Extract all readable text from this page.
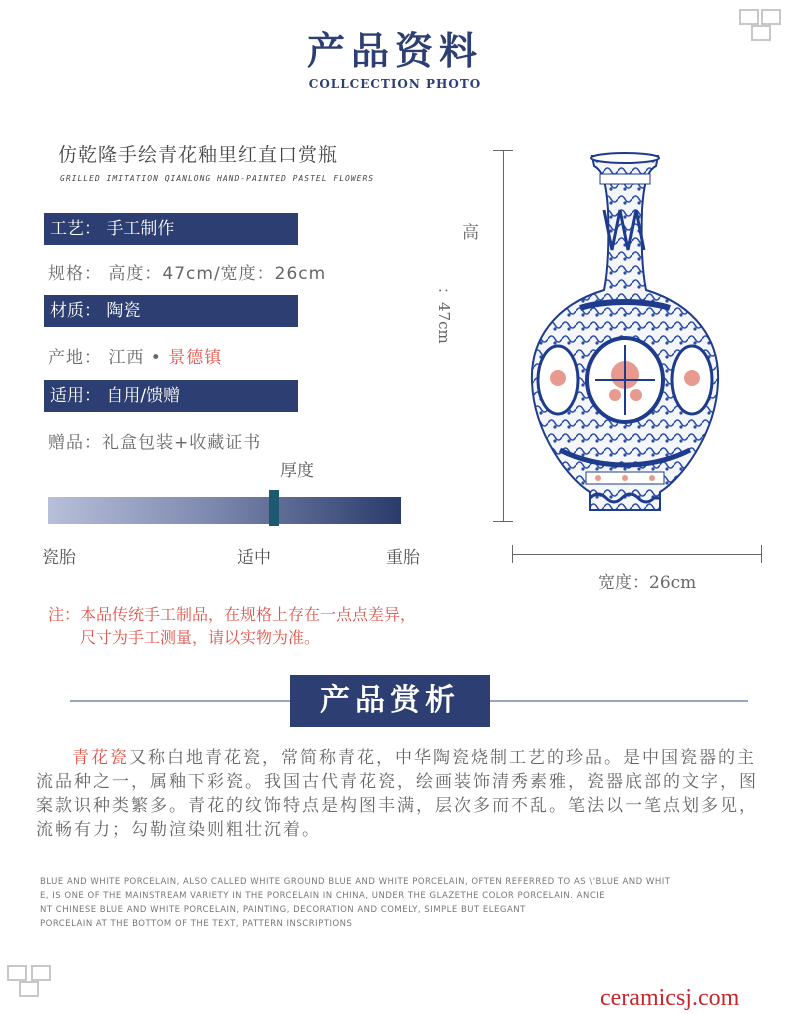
产品资料
COLLCECTION PHOTO
仿乾隆手绘青花釉里红直口赏瓶
GRILLED IMITATION QIANLONG HAND-PAINTED PASTEL FLOWERS
工艺： 手工制作
规格： 高度：47cm/宽度：26cm
材质： 陶瓷
产地： 江西 • 景德镇
适用： 自用/馈赠
赠品：礼盒包装+收藏证书
厚度
瓷胎	适中	重胎
注：本品传统手工制品，在规格上存在一点点差异，
尺寸为手工测量，请以实物为准。
高
：47cm
宽度：26cm
产品赏析
青花瓷又称白地青花瓷，常简称青花，中华陶瓷烧制工艺的珍品。是中国瓷器的主流品种之一，属釉下彩瓷。我国古代青花瓷，绘画装饰清秀素雅，瓷器底部的文字，图案款识种类繁多。青花的纹饰特点是构图丰满，层次多而不乱。笔法以一笔点划多见，流畅有力；勾勒渲染则粗壮沉着。
BLUE AND WHITE PORCELAIN, ALSO CALLED WHITE GROUND BLUE AND WHITE PORCELAIN, OFTEN REFERRED TO AS \'BLUE AND WHIT
E, IS ONE OF THE MAINSTREAM VARIETY IN THE PORCELAIN IN CHINA, UNDER THE GLAZETHE COLOR PORCELAIN. ANCIE
NT CHINESE BLUE AND WHITE PORCELAIN, PAINTING, DECORATION AND COMELY, SIMPLE BUT ELEGANT
PORCELAIN AT THE BOTTOM OF THE TEXT, PATTERN INSCRIPTIONS
ceramicsj.com
